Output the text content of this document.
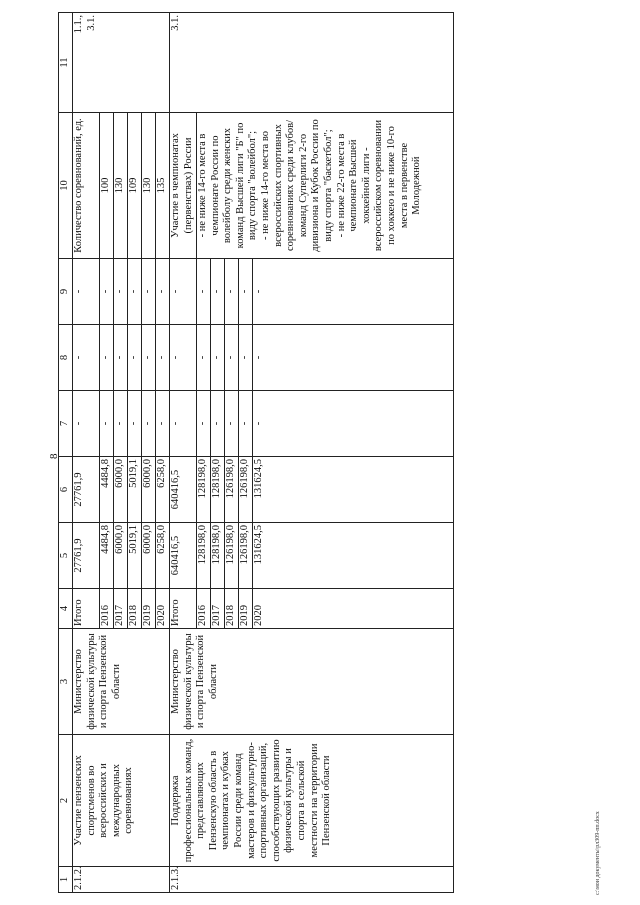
8
1	2	3	4	5	6	7	8	9	10	11
2.1.2.	Участие пензенских спортсменов во всероссийских и международных соревнованиях	Министерство физической культуры и спорта Пензенской области	Итого	27761,9	27761,9	-	-	-	Количество соревнований, ед.	1.1.,
3.1.
			2016	4484,8	4484,8	-	-	-	100	
			2017	6000,0	6000,0	-	-	-	130	
			2018	5019,1	5019,1	-	-	-	109	
			2019	6000,0	6000,0	-	-	-	130	
			2020	6258,0	6258,0	-	-	-	135	
2.1.3.	Поддержка профессиональных команд, представляющих Пензенскую область в чемпионатах и кубках России среди команд мастеров и физкультурно-спортивных организаций, способствующих развитию физической культуры и спорта в сельской местности на территории Пензенской области	Министерство физической культуры и спорта Пензенской области	Итого	640416,5	640416,5	-	-	-	Участие в чемпионатах (первенствах) России	3.1.
			2016	128198,0	128198,0	-	-	-	- не ниже 14-го места в чемпионате России по волейболу среди женских команд Высшей лиги "Б" по виду спорта "волейбол";
- не ниже 14-го места во всероссийских спортивных соревнованиях среди клубов/команд Суперлиги 2-го дивизиона и Кубок России по виду спорта "баскетбол";
- не ниже 22-го места в чемпионате Высшей хоккейной лиги - всероссийском соревновании по хоккею и не ниже 10-го места в первенстве Молодежной	
			2017	128198,0	128198,0	-	-	-		
			2018	126198,0	126198,0	-	-	-		
			2019	126198,0	126198,0	-	-	-		
			2020	131624,5	131624,5	-	-	-		
c:\мои документы\рл309-пп.docx
